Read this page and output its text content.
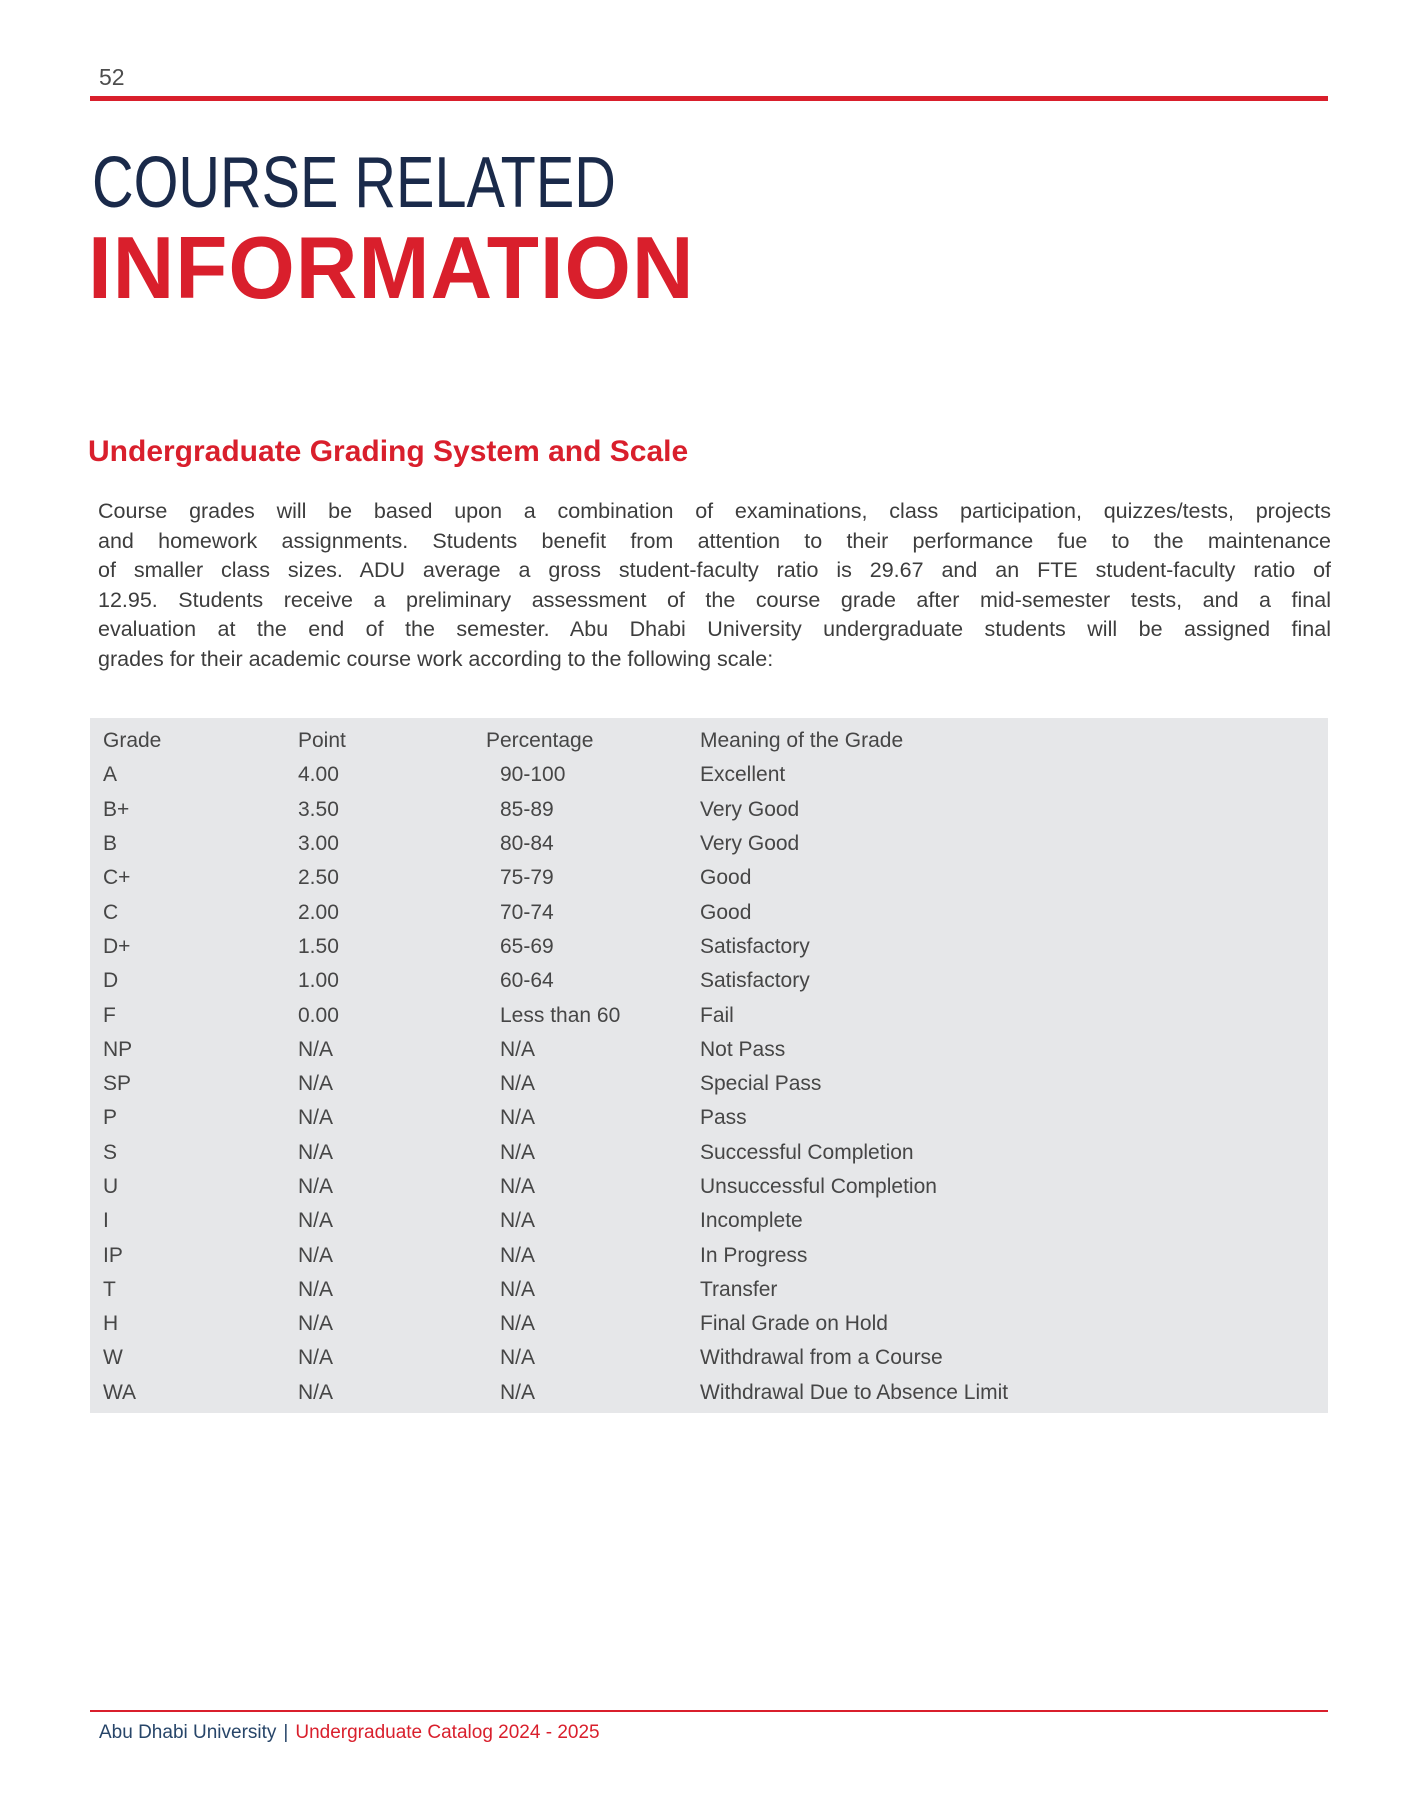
52
COURSE RELATED
INFORMATION
Undergraduate Grading System and Scale
Course grades will be based upon a combination of examinations, class participation, quizzes/tests, projects
and homework assignments. Students benefit from attention to their performance fue to the maintenance
of smaller class sizes. ADU average a gross student-faculty ratio is 29.67 and an FTE student-faculty ratio of
12.95. Students receive a preliminary assessment of the course grade after mid-semester tests, and a final
evaluation at the end of the semester. Abu Dhabi University undergraduate students will be assigned final
grades for their academic course work according to the following scale:
Grade	Point	Percentage	Meaning of the Grade
A	4.00	90-100	Excellent
B+	3.50	85-89	Very Good
B	3.00	80-84	Very Good
C+	2.50	75-79	Good
C	2.00	70-74	Good
D+	1.50	65-69	Satisfactory
D	1.00	60-64	Satisfactory
F	0.00	Less than 60	Fail
NP	N/A	N/A	Not Pass
SP	N/A	N/A	Special Pass
P	N/A	N/A	Pass
S	N/A	N/A	Successful Completion
U	N/A	N/A	Unsuccessful Completion
I	N/A	N/A	Incomplete
IP	N/A	N/A	In Progress
T	N/A	N/A	Transfer
H	N/A	N/A	Final Grade on Hold
W	N/A	N/A	Withdrawal from a Course
WA	N/A	N/A	Withdrawal Due to Absence Limit
Abu Dhabi University | Undergraduate Catalog 2024 - 2025
